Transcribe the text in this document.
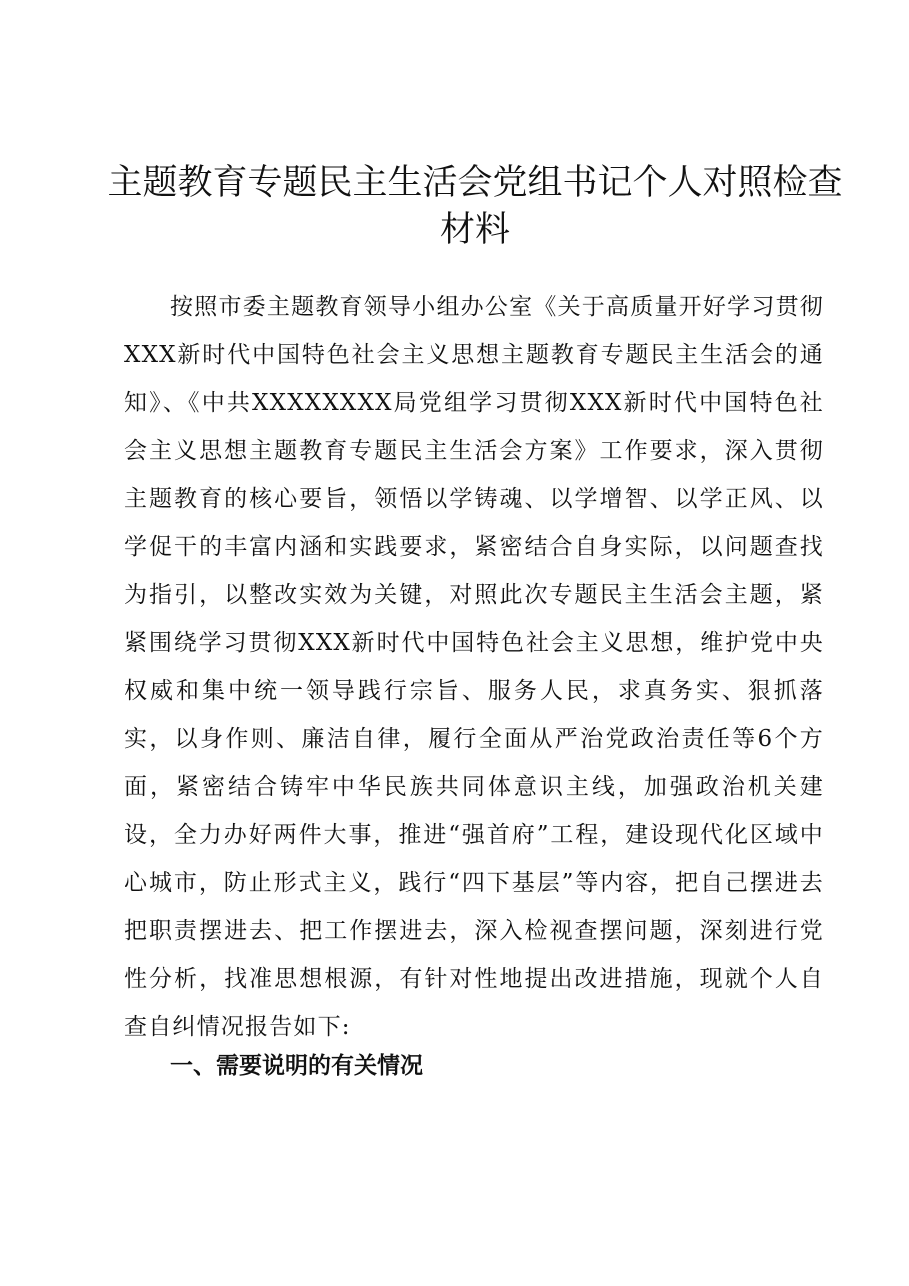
主题教育专题民主生活会党组书记个人对照检查材料

按照市委主题教育领导小组办公室《关于高质量开好学习贯彻XXX新时代中国特色社会主义思想主题教育专题民主生活会的通知》、《中共XXXXXXXX局党组学习贯彻XXX新时代中国特色社会主义思想主题教育专题民主生活会方案》工作要求，深入贯彻主题教育的核心要旨，领悟以学铸魂、以学增智、以学正风、以学促干的丰富内涵和实践要求，紧密结合自身实际，以问题查找为指引，以整改实效为关键，对照此次专题民主生活会主题，紧紧围绕学习贯彻XXX新时代中国特色社会主义思想，维护党中央权威和集中统一领导践行宗旨、服务人民，求真务实、狠抓落实，以身作则、廉洁自律，履行全面从严治党政治责任等6个方面，紧密结合铸牢中华民族共同体意识主线，加强政治机关建设，全力办好两件大事，推进“强首府”工程，建设现代化区域中心城市，防止形式主义，践行“四下基层”等内容，把自己摆进去把职责摆进去、把工作摆进去，深入检视查摆问题，深刻进行党性分析，找准思想根源，有针对性地提出改进措施，现就个人自查自纠情况报告如下:

一、需要说明的有关情况
